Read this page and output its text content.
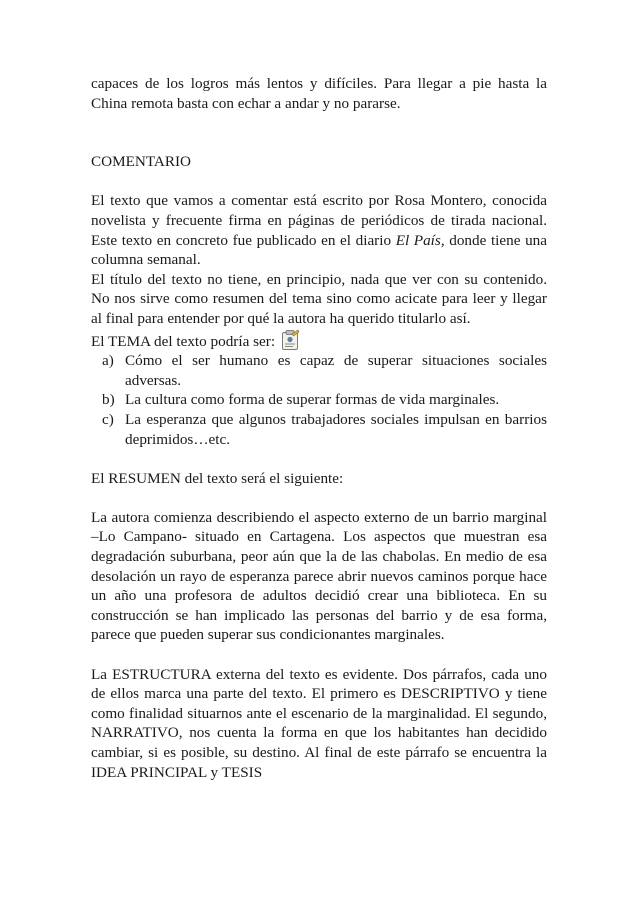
capaces de los logros más lentos y difíciles. Para llegar a pie hasta la China remota basta con echar a andar y no pararse.

COMENTARIO

El texto que vamos a comentar está escrito por Rosa Montero, conocida novelista y frecuente firma en páginas de periódicos de tirada nacional. Este texto en concreto fue publicado en el diario El País, donde tiene una columna semanal.

El título del texto no tiene, en principio, nada que ver con su contenido. No nos sirve como resumen del tema sino como acicate para leer y llegar al final para entender por qué la autora ha querido titularlo así.

El TEMA del texto podría ser:

a) Cómo el ser humano es capaz de superar situaciones sociales adversas.
b) La cultura como forma de superar formas de vida marginales.
c) La esperanza que algunos trabajadores sociales impulsan en barrios deprimidos…etc.

El RESUMEN del texto será el siguiente:

La autora comienza describiendo el aspecto externo de un barrio marginal –Lo Campano- situado en Cartagena. Los aspectos que muestran esa degradación suburbana, peor aún que la de las chabolas. En medio de esa desolación un rayo de esperanza parece abrir nuevos caminos porque hace un año una profesora de adultos decidió crear una biblioteca. En su construcción se han implicado las personas del barrio y de esa forma, parece que pueden superar sus condicionantes marginales.

La ESTRUCTURA externa del texto es evidente. Dos párrafos, cada uno de ellos marca una parte del texto. El primero es DESCRIPTIVO y tiene como finalidad situarnos ante el escenario de la marginalidad. El segundo, NARRATIVO, nos cuenta la forma en que los habitantes han decidido cambiar, si es posible, su destino. Al final de este párrafo se encuentra la IDEA PRINCIPAL y TESIS
